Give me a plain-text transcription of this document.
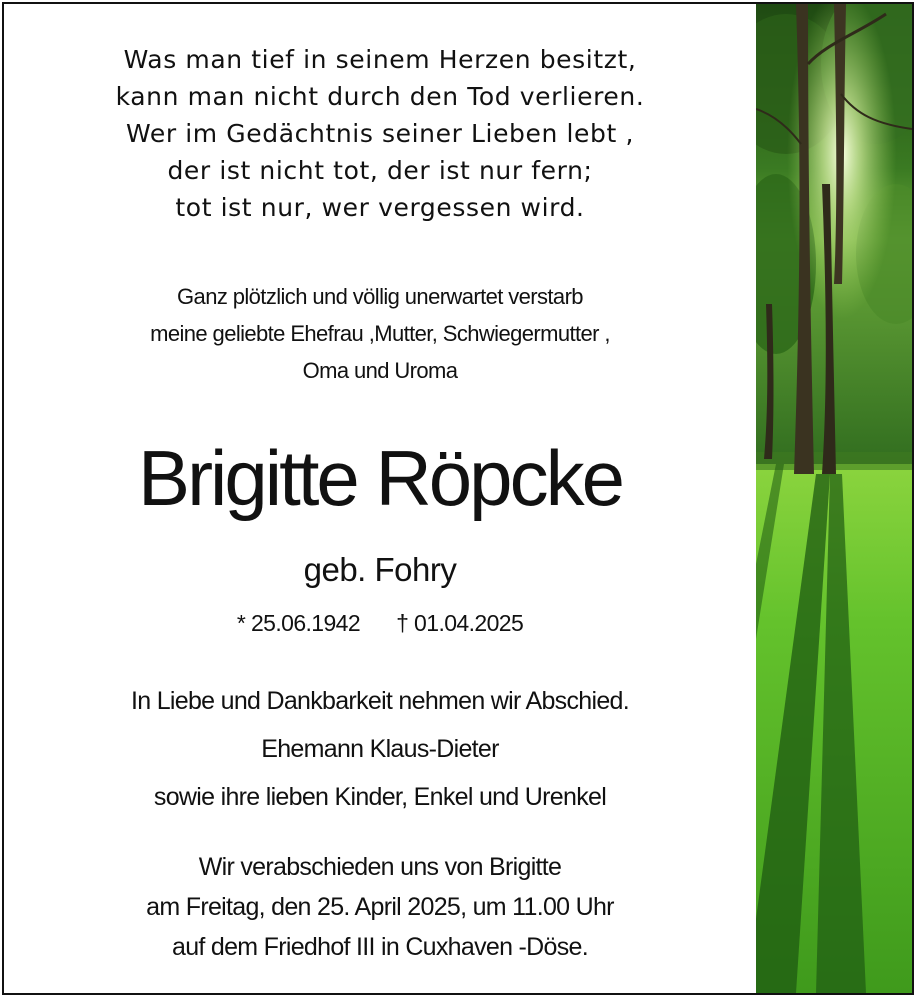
Was man tief in seinem Herzen besitzt,
kann man nicht durch den Tod verlieren.
Wer im Gedächtnis seiner Lieben lebt ,
der ist nicht tot, der ist nur fern;
tot ist nur, wer vergessen wird.
Ganz plötzlich und völlig unerwartet verstarb
meine geliebte Ehefrau ,Mutter, Schwiegermutter ,
Oma und Uroma
Brigitte Röpcke
geb. Fohry
* 25.06.1942 † 01.04.2025
In Liebe und Dankbarkeit nehmen wir Abschied.
Ehemann Klaus-Dieter
sowie ihre lieben Kinder, Enkel und Urenkel
Wir verabschieden uns von Brigitte
am Freitag, den 25. April 2025, um 11.00 Uhr
auf dem Friedhof III in Cuxhaven -Döse.
